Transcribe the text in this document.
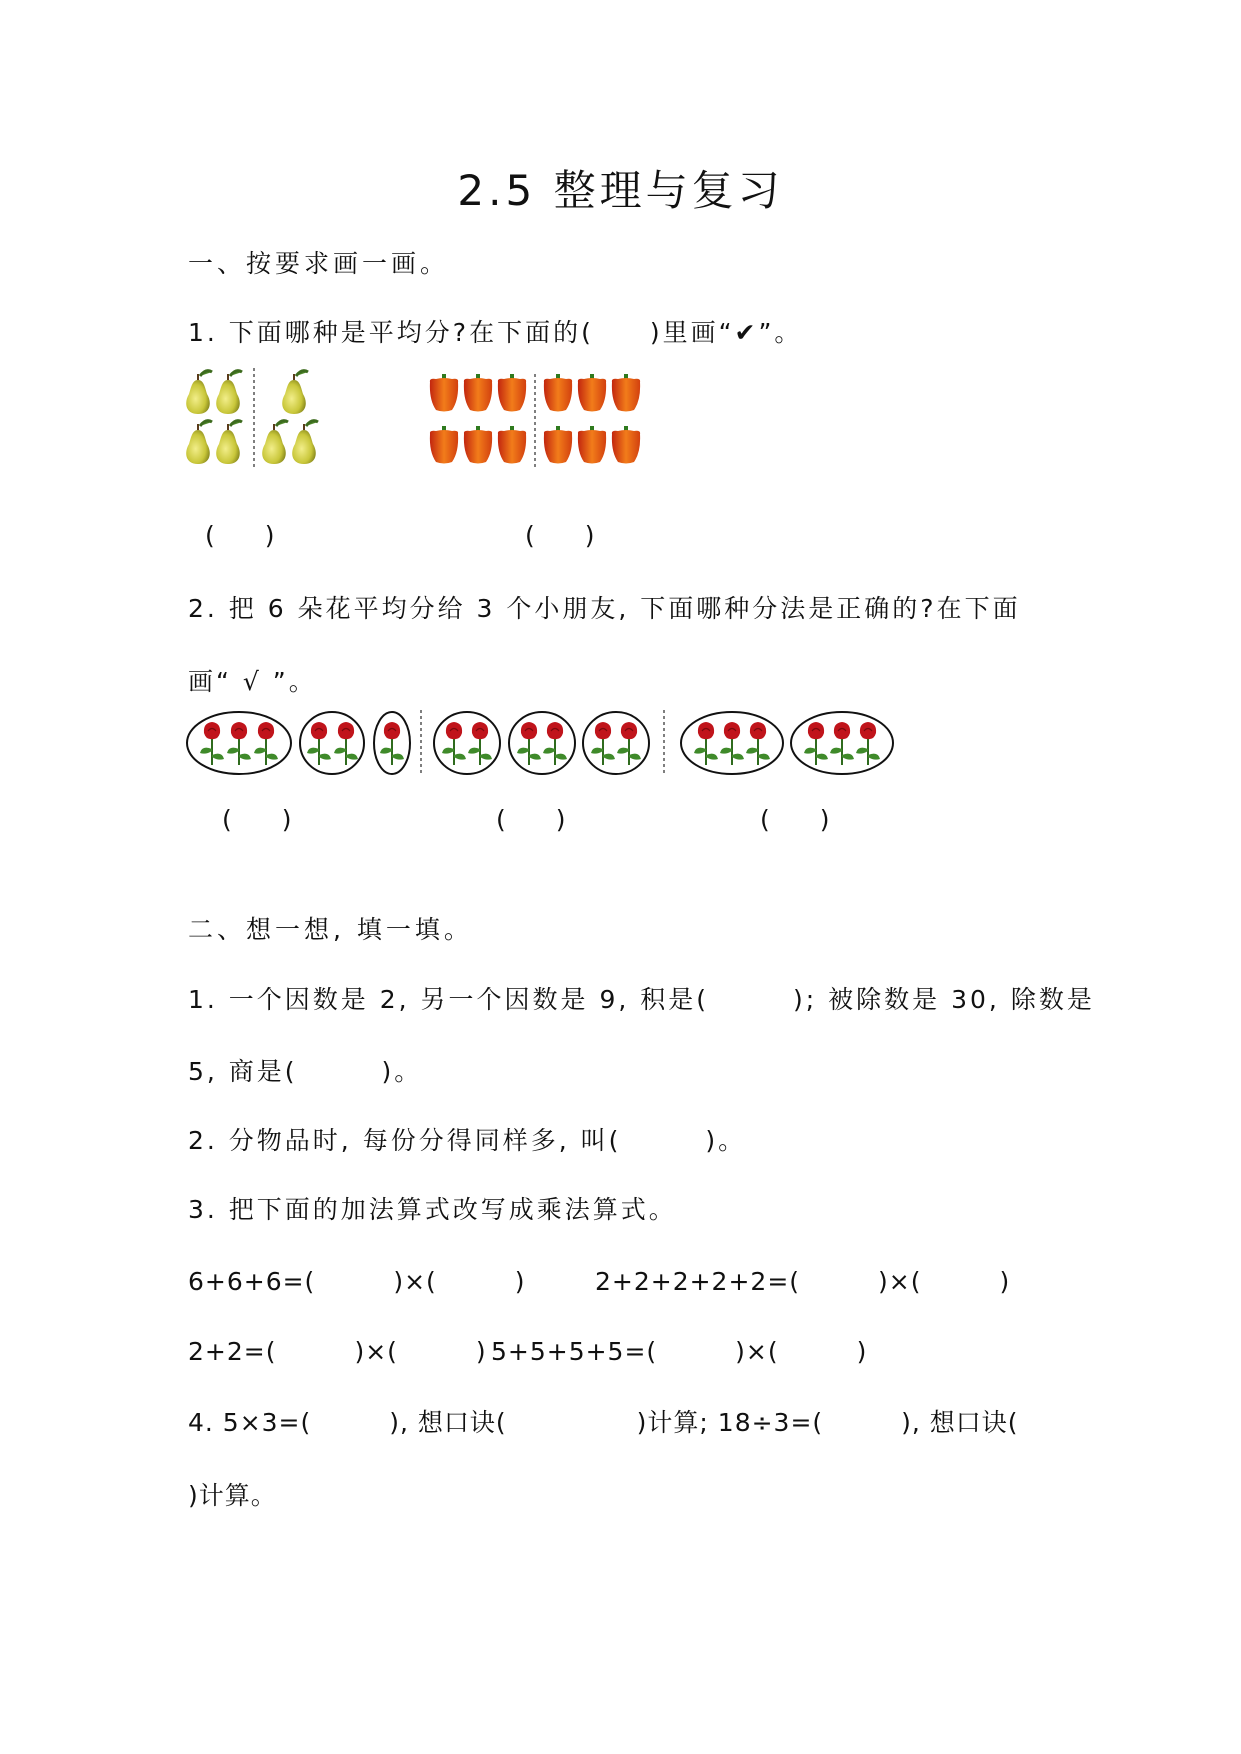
2.5 整理与复习
一、按要求画一画。
1. 下面哪种是平均分?在下面的(　　)里画“✔”。
(　　)	(　　)
2. 把 6 朵花平均分给 3 个小朋友, 下面哪种分法是正确的?在下面
画“ √ ”。
(　　)	(　　)	(　　)
二、想一想, 填一填。
1. 一个因数是 2, 另一个因数是 9, 积是(　　　); 被除数是 30, 除数是
5, 商是(　　　)。
2. 分物品时, 每份分得同样多, 叫(　　　)。
3. 把下面的加法算式改写成乘法算式。
6+6+6=(　　　)×(　　　)	2+2+2+2+2=(　　　)×(　　　)
2+2=(　　　)×(　　　) 5+5+5+5=(　　　)×(　　　)
4. 5×3=(　　　), 想口诀(　　　　　)计算; 18÷3=(　　　), 想口诀(
)计算。
